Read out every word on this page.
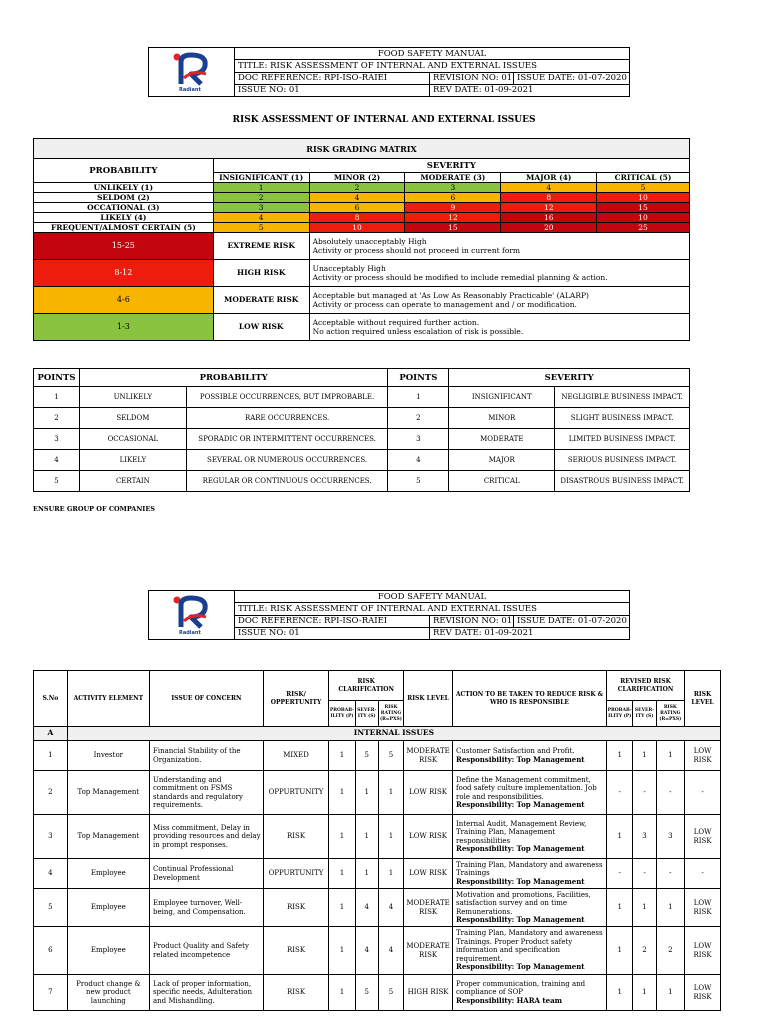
Radiant
FOOD SAFETY MANUAL
TITLE: RISK ASSESSMENT OF INTERNAL AND EXTERNAL ISSUES
DOC REFERENCE: RPI-ISO-RAIEI	REVISION NO: 01 ISSUE DATE: 01-07-2020
ISSUE NO: 01	REV DATE: 01-09-2021
RISK ASSESSMENT OF INTERNAL AND EXTERNAL ISSUES
RISK GRADING MATRIX					
PROBABILITY	SEVERITY				
	INSIGNIFICANT (1)	MINOR (2)	MODERATE (3)	MAJOR (4)	CRITICAL (5)
UNLIKELY (1)	1	2	3	4	5
SELDOM (2)	2	4	6	8	10
OCCATIONAL (3)	3	6	9	12	15
LIKELY (4)	4	8	12	16	10
FREQUENT/ALMOST CERTAIN (5)	5	10	15	20	25
15-25	EXTREME RISK	Absolutely unacceptably High
Activity or process should not proceed in current form			

8-12	HIGH RISK	Unacceptably High
Activity or process should be modified to include remedial planning & action.			

4-6	MODERATE RISK	Acceptable but managed at 'As Low As Reasonably Practicable' (ALARP)
Activity or process can operate to management and / or modification.			

1-3	LOW RISK	Acceptable without required further action.
No action required unless escalation of risk is possible.			
POINTS	PROBABILITY		POINTS	SEVERITY	
1	UNLIKELY	POSSIBLE OCCURRENCES, BUT IMPROBABLE.	1	INSIGNIFICANT	NEGLIGIBLE BUSINESS IMPACT.
2	SELDOM	RARE OCCURRENCES.	2	MINOR	SLIGHT BUSINESS IMPACT.
3	OCCASIONAL	SPORADIC OR INTERMITTENT OCCURRENCES.	3	MODERATE	LIMITED BUSINESS IMPACT.
4	LIKELY	SEVERAL OR NUMEROUS OCCURRENCES.	4	MAJOR	SERIOUS BUSINESS IMPACT.
5	CERTAIN	REGULAR OR CONTINUOUS OCCURRENCES.	5	CRITICAL	DISASTROUS BUSINESS IMPACT.
ENSURE GROUP OF COMPANIES
Radiant
FOOD SAFETY MANUAL
TITLE: RISK ASSESSMENT OF INTERNAL AND EXTERNAL ISSUES
DOC REFERENCE: RPI-ISO-RAIEI	REVISION NO: 01 ISSUE DATE: 01-07-2020
ISSUE NO: 01	REV DATE: 01-09-2021
S.No	ACTIVITY ELEMENT	ISSUE OF CONCERN	RISK/ OPPERTUNITY	RISK CLARIFICATION			RISK LEVEL	ACTION TO BE TAKEN TO REDUCE RISK & WHO IS RESPONSIBLE	REVISED RISK CLARIFICATION			RISK LEVEL
				PROBAB-ILITY (P)	SEVER-ITY (S)	RISK RATING (R=PXS)			PROBAB-ILITY (P)	SEVER-ITY (S)	RISK RATING (R=PXS)	
A	INTERNAL ISSUES											
1	Investor	Financial Stability of the Organization.	MIXED	1	5	5	MODERATE RISK	Customer Satisfaction and Profit.
Responsibility: Top Management	1	1	1	LOW RISK
2	Top Management	Understanding and commitment on FSMS standards and regulatory requirements.	OPPURTUNITY	1	1	1	LOW RISK	Define the Management commitment, food safety culture implementation. Job role and responsibilities.
Responsibility: Top Management	-	-	-	-
3	Top Management	Miss commitment, Delay in providing resources and delay in prompt responses.	RISK	1	1	1	LOW RISK	Internal Audit, Management Review, Training Plan, Management responsibilities
Responsibility: Top Management	1	3	3	LOW RISK
4	Employee	Continual Professional Development	OPPURTUNITY	1	1	1	LOW RISK	Training Plan, Mandatory and awareness Trainings
Responsibility: Top Management	-	-	-	-
5	Employee	Employee turnover, Well-being, and Compensation.	RISK	1	4	4	MODERATE RISK	Motivation and promotions, Facilities, satisfaction survey and on time Remunerations.
Responsibility: Top Management	1	1	1	LOW RISK
6	Employee	Product Quality and Safety related incompetence	RISK	1	4	4	MODERATE RISK	Training Plan, Mandatory and awareness Trainings. Proper Product safety information and specification requirement.
Responsibility: Top Management	1	2	2	LOW RISK
7	Product change & new product launching	Lack of proper information, specific needs, Adulteration and Mishandling.	RISK	1	5	5	HIGH RISK	Proper communication, training and compliance of SOP
Responsibility: HARA team	1	1	1	LOW RISK
